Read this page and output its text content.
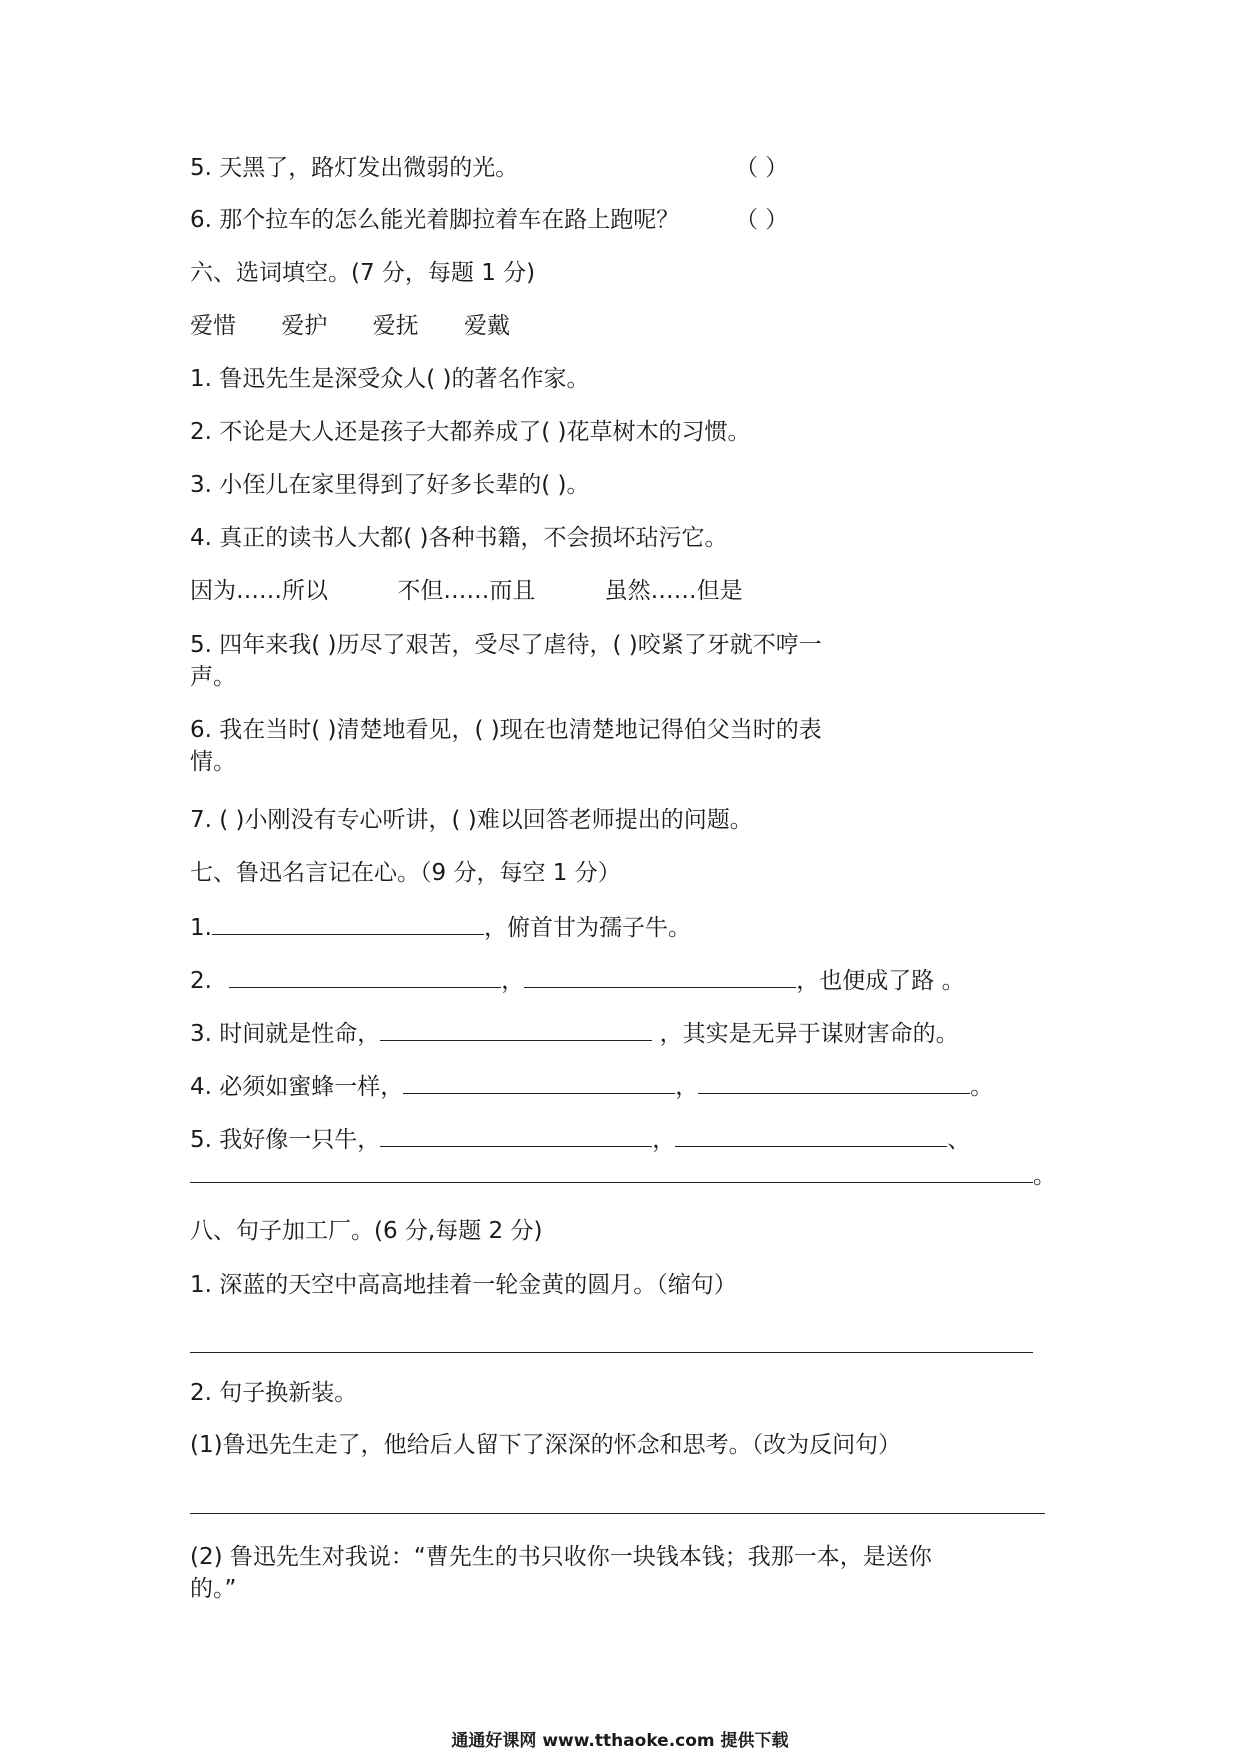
5. 天黑了，路灯发出微弱的光。	（ ）
6. 那个拉车的怎么能光着脚拉着车在路上跑呢？ （ ）
六、选词填空。(7 分，每题 1 分)
爱惜 爱护 爱抚 爱戴
1. 鲁迅先生是深受众人( )的著名作家。
2. 不论是大人还是孩子大都养成了( )花草树木的习惯。
3. 小侄儿在家里得到了好多长辈的( )。
4. 真正的读书人大都( )各种书籍，不会损坏玷污它。
因为……所以	不但……而且	虽然……但是
5. 四年来我( )历尽了艰苦，受尽了虐待，( )咬紧了牙就不哼一
声。
6. 我在当时( )清楚地看见，( )现在也清楚地记得伯父当时的表
情。
7. ( )小刚没有专心听讲，( )难以回答老师提出的问题。
七、鲁迅名言记在心。（9 分，每空 1 分）
1.	，俯首甘为孺子牛。
2.	，	，也便成了路 。
3. 时间就是性命，	，其实是无异于谋财害命的。
4. 必须如蜜蜂一样，	，	。
5. 我好像一只牛，	，	、
。
八、句子加工厂。(6 分,每题 2 分)
1. 深蓝的天空中高高地挂着一轮金黄的圆月。（缩句）
2. 句子换新装。
(1)鲁迅先生走了，他给后人留下了深深的怀念和思考。（改为反问句）
(2) 鲁迅先生对我说：“曹先生的书只收你一块钱本钱；我那一本，是送你
的。”
通通好课网 www.tthaoke.com 提供下载
